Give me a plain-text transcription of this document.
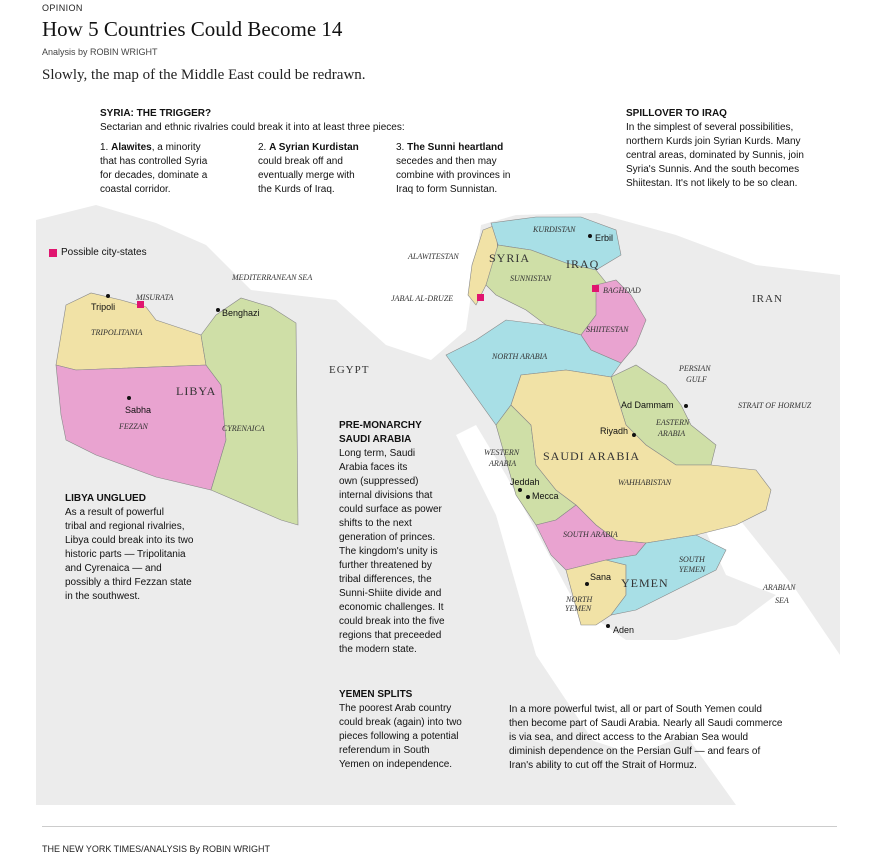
OPINION
How 5 Countries Could Become 14
Analysis by ROBIN WRIGHT
Slowly, the map of the Middle East could be redrawn.
LIBYA
TRIPOLITANIA
FEZZAN	CYRENAICA
EGYPT
SYRIA	IRAQ
KURDISTAN
SUNNISTAN
ALAWITESTAN
JABAL AL-DRUZE
SHIITESTAN
BAGHDAD
MISURATA	IRAN
NORTH ARABIA
SAUDI ARABIA
EASTERN
ARABIA
WESTERN
ARABIA
WAHHABISTAN
SOUTH ARABIA
YEMEN
NORTH
YEMEN
SOUTH
YEMEN
MEDITERRANEAN SEA
PERSIAN
GULF
STRAIT OF HORMUZ
ARABIAN
SEA
Tripoli
Benghazi
Sabha
Erbil
Ad Dammam
Riyadh
Jeddah
Mecca
Sana
Aden
SYRIA: THE TRIGGER?
Sectarian and ethnic rivalries could break it into at least three pieces:
1. Alawites, a minority
that has controlled Syria
for decades, dominate a
coastal corridor.
2. A Syrian Kurdistan
could break off and
eventually merge with
the Kurds of Iraq.
3. The Sunni heartland
secedes and then may
combine with provinces in
Iraq to form Sunnistan.
SPILLOVER TO IRAQ
In the simplest of several possibilities,
northern Kurds join Syrian Kurds. Many
central areas, dominated by Sunnis, join
Syria's Sunnis. And the south becomes
Shiitestan. It's not likely to be so clean.
Possible city-states
LIBYA UNGLUED
As a result of powerful
tribal and regional rivalries,
Libya could break into its two
historic parts — Tripolitania
and Cyrenaica — and
possibly a third Fezzan state
in the southwest.
PRE-MONARCHY
SAUDI ARABIA
Long term, Saudi
Arabia faces its
own (suppressed)
internal divisions that
could surface as power
shifts to the next
generation of princes.
The kingdom's unity is
further threatened by
tribal differences, the
Sunni-Shiite divide and
economic challenges. It
could break into the five
regions that preceeded
the modern state.
YEMEN SPLITS
The poorest Arab country
could break (again) into two
pieces following a potential
referendum in South
Yemen on independence.
In a more powerful twist, all or part of South Yemen could
then become part of Saudi Arabia. Nearly all Saudi commerce
is via sea, and direct access to the Arabian Sea would
diminish dependence on the Persian Gulf — and fears of
Iran's ability to cut off the Strait of Hormuz.
THE NEW YORK TIMES/ANALYSIS By ROBIN WRIGHT
